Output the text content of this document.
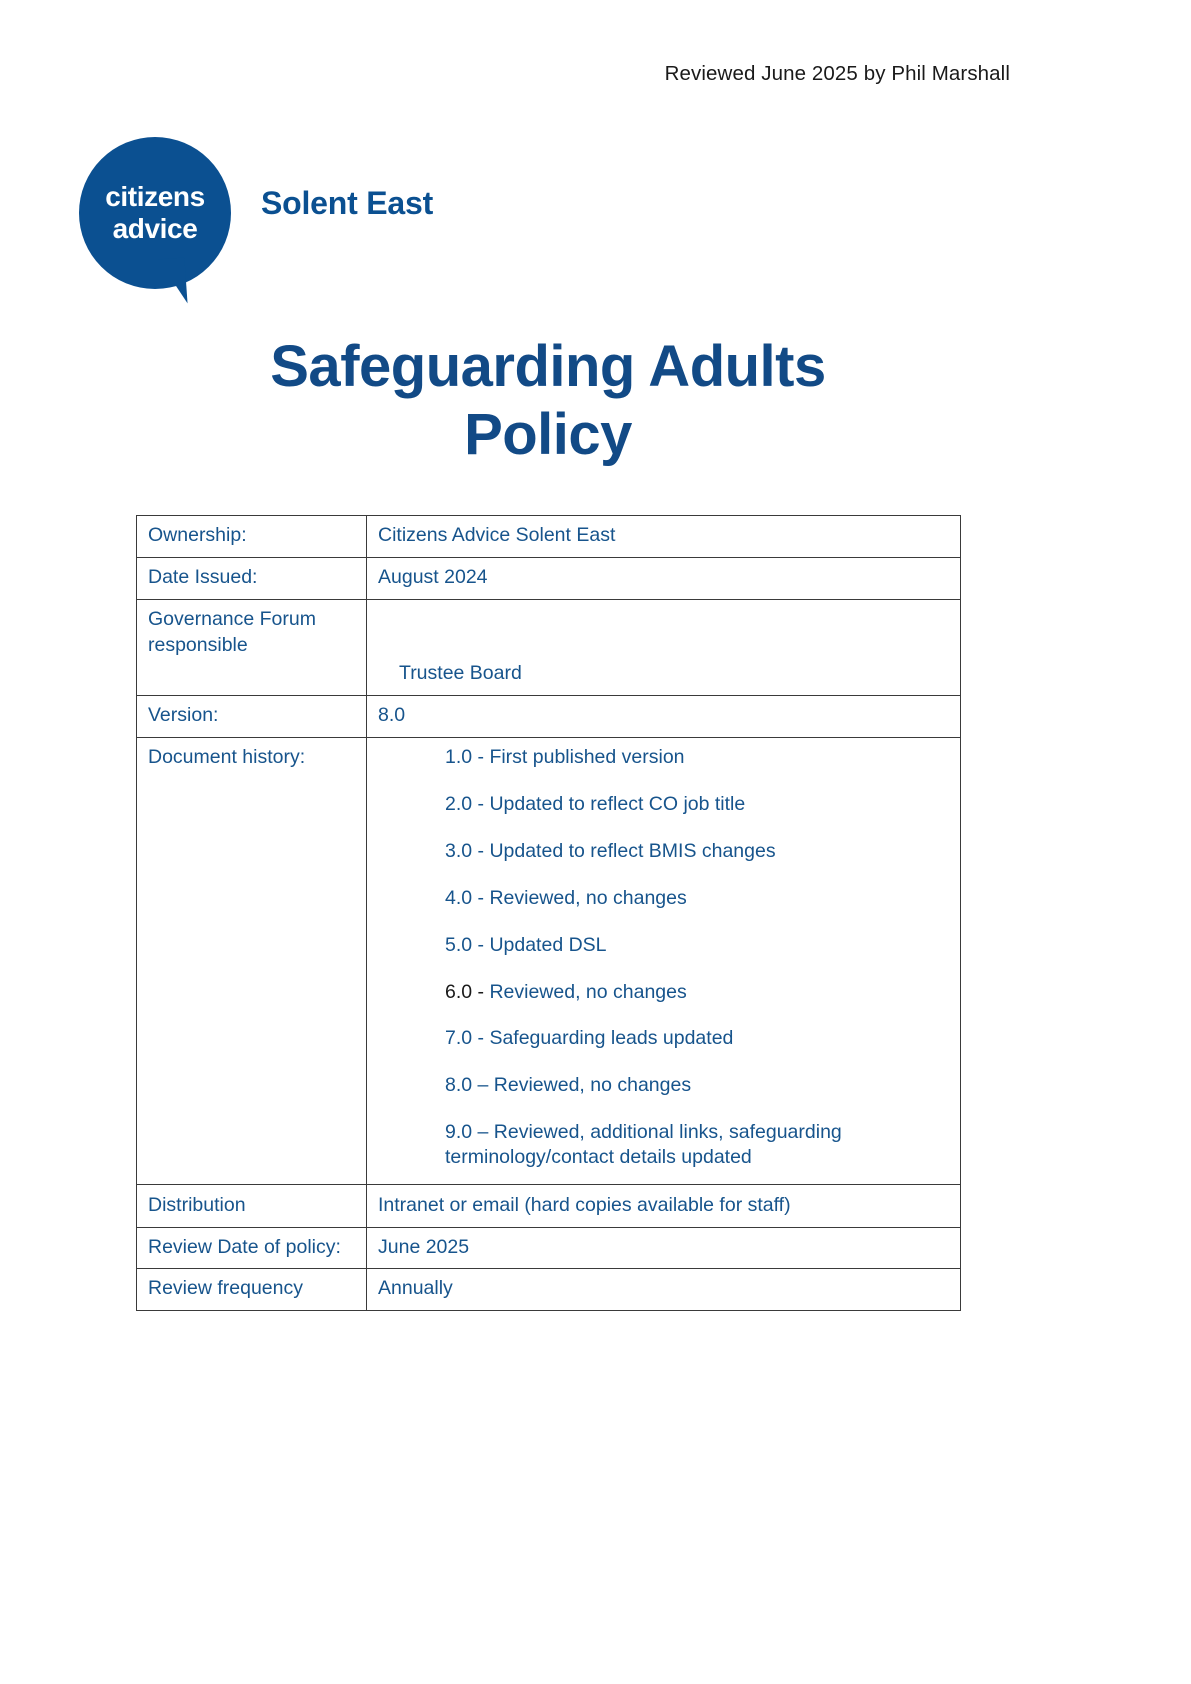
Reviewed June 2025 by Phil Marshall
citizens
advice
Solent East
Safeguarding Adults
Policy
Ownership:	Citizens Advice Solent East
Date Issued:	August 2024
Governance Forum responsible	Trustee Board

Version:	8.0
Document history:	1.0 - First published version
2.0 - Updated to reflect CO job title
3.0 - Updated to reflect BMIS changes
4.0 - Reviewed, no changes
5.0 - Updated DSL
6.0 - Reviewed, no changes
7.0 - Safeguarding leads updated
8.0 – Reviewed, no changes
9.0 – Reviewed, additional links, safeguarding terminology/contact details updated

Distribution	Intranet or email (hard copies available for staff)
Review Date of policy:	June 2025
Review frequency	Annually
